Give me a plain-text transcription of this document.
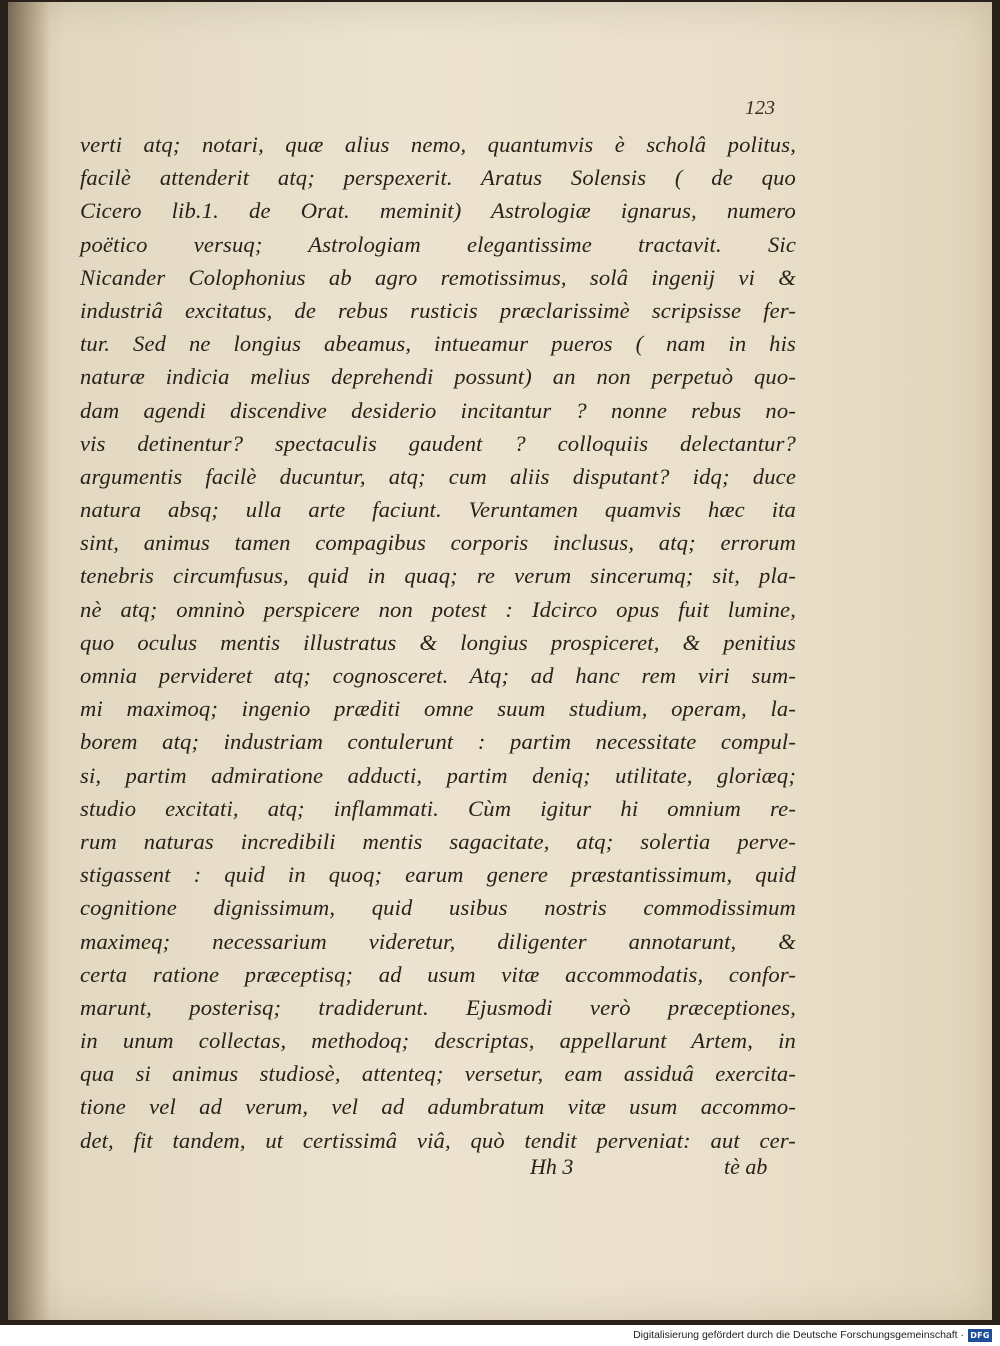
123
verti atq; notari, quæ alius nemo, quantumvis è scholâ politus,
facilè attenderit atq; perspexerit. Aratus Solensis ( de quo
Cicero lib.1. de Orat. meminit) Astrologiæ ignarus, numero
poëtico versuq; Astrologiam elegantissime tractavit. Sic
Nicander Colophonius ab agro remotissimus, solâ ingenij vi &
industriâ excitatus, de rebus rusticis præclarissimè scripsisse fer-
tur. Sed ne longius abeamus, intueamur pueros ( nam in his
naturæ indicia melius deprehendi possunt) an non perpetuò quo-
dam agendi discendive desiderio incitantur ? nonne rebus no-
vis detinentur? spectaculis gaudent ? colloquiis delectantur?
argumentis facilè ducuntur, atq; cum aliis disputant? idq; duce
natura absq; ulla arte faciunt. Veruntamen quamvis hæc ita
sint, animus tamen compagibus corporis inclusus, atq; errorum
tenebris circumfusus, quid in quaq; re verum sincerumq; sit, pla-
nè atq; omninò perspicere non potest : Idcirco opus fuit lumine,
quo oculus mentis illustratus & longius prospiceret, & penitius
omnia pervideret atq; cognosceret. Atq; ad hanc rem viri sum-
mi maximoq; ingenio præditi omne suum studium, operam, la-
borem atq; industriam contulerunt : partim necessitate compul-
si, partim admiratione adducti, partim deniq; utilitate, gloriæq;
studio excitati, atq; inflammati. Cùm igitur hi omnium re-
rum naturas incredibili mentis sagacitate, atq; solertia perve-
stigassent : quid in quoq; earum genere præstantissimum, quid
cognitione dignissimum, quid usibus nostris commodissimum
maximeq; necessarium videretur, diligenter annotarunt, &
certa ratione præceptisq; ad usum vitæ accommodatis, confor-
marunt, posterisq; tradiderunt. Ejusmodi verò præceptiones,
in unum collectas, methodoq; descriptas, appellarunt Artem, in
qua si animus studiosè, attenteq; versetur, eam assiduâ exercita-
tione vel ad verum, vel ad adumbratum vitæ usum accommo-
det, fit tandem, ut certissimâ viâ, quò tendit perveniat: aut cer-
Hh 3	tè ab
Digitalisierung gefördert durch die Deutsche Forschungsgemeinschaft · DFG
